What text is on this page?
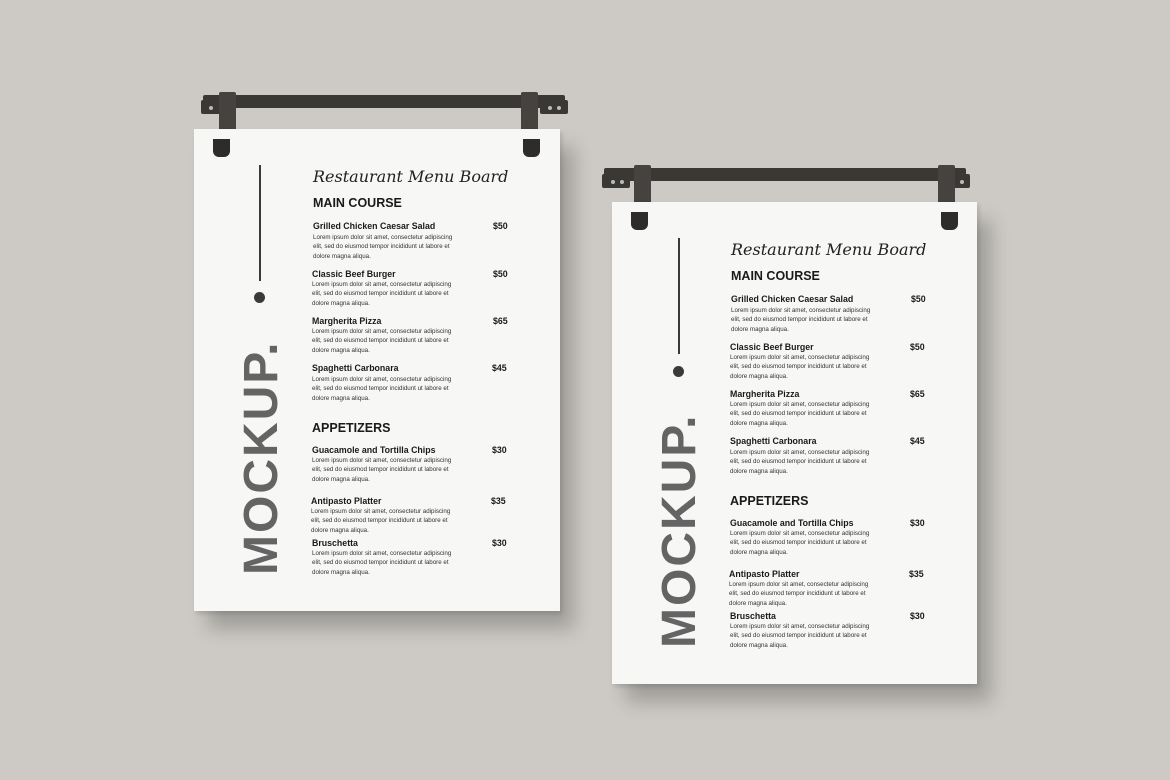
MOCKUP.
Restaurant Menu Board
MAIN COURSE
Grilled Chicken Caesar Salad	$50
Lorem ipsum dolor sit amet, consectetur adipiscing elit, sed do eiusmod tempor incididunt ut labore et dolore magna aliqua.
Classic Beef Burger	$50
Lorem ipsum dolor sit amet, consectetur adipiscing elit, sed do eiusmod tempor incididunt ut labore et dolore magna aliqua.
Margherita Pizza	$65
Lorem ipsum dolor sit amet, consectetur adipiscing elit, sed do eiusmod tempor incididunt ut labore et dolore magna aliqua.
Spaghetti Carbonara	$45
Lorem ipsum dolor sit amet, consectetur adipiscing elit, sed do eiusmod tempor incididunt ut labore et dolore magna aliqua.
APPETIZERS
Guacamole and Tortilla Chips	$30
Lorem ipsum dolor sit amet, consectetur adipiscing elit, sed do eiusmod tempor incididunt ut labore et dolore magna aliqua.
Antipasto Platter	$35
Lorem ipsum dolor sit amet, consectetur adipiscing elit, sed do eiusmod tempor incididunt ut labore et dolore magna aliqua.
Bruschetta	$30
Lorem ipsum dolor sit amet, consectetur adipiscing elit, sed do eiusmod tempor incididunt ut labore et dolore magna aliqua.	MOCKUP.
Restaurant Menu Board
MAIN COURSE
Grilled Chicken Caesar Salad	$50
Lorem ipsum dolor sit amet, consectetur adipiscing elit, sed do eiusmod tempor incididunt ut labore et dolore magna aliqua.
Classic Beef Burger	$50
Lorem ipsum dolor sit amet, consectetur adipiscing elit, sed do eiusmod tempor incididunt ut labore et dolore magna aliqua.
Margherita Pizza	$65
Lorem ipsum dolor sit amet, consectetur adipiscing elit, sed do eiusmod tempor incididunt ut labore et dolore magna aliqua.
Spaghetti Carbonara	$45
Lorem ipsum dolor sit amet, consectetur adipiscing elit, sed do eiusmod tempor incididunt ut labore et dolore magna aliqua.
APPETIZERS
Guacamole and Tortilla Chips	$30
Lorem ipsum dolor sit amet, consectetur adipiscing elit, sed do eiusmod tempor incididunt ut labore et dolore magna aliqua.
Antipasto Platter	$35
Lorem ipsum dolor sit amet, consectetur adipiscing elit, sed do eiusmod tempor incididunt ut labore et dolore magna aliqua.
Bruschetta	$30
Lorem ipsum dolor sit amet, consectetur adipiscing elit, sed do eiusmod tempor incididunt ut labore et dolore magna aliqua.
